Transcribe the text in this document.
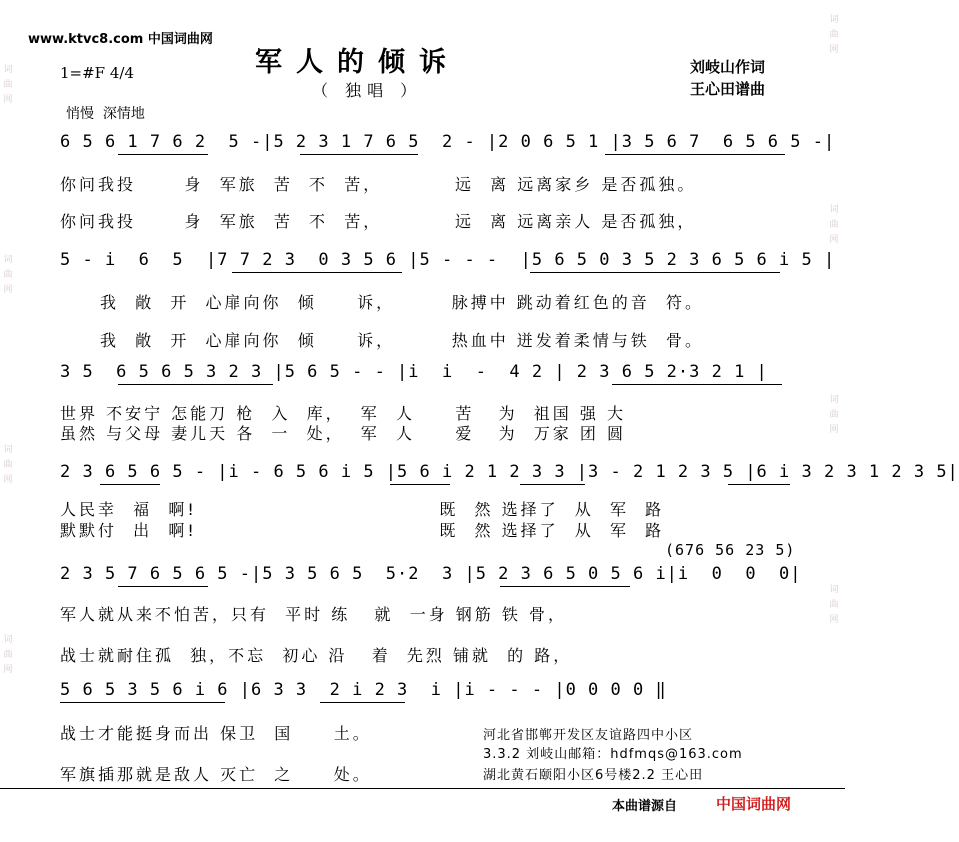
词
曲
网
词
曲
网
词
曲
网
词
曲
网
词
曲
网
词
曲
网
词
曲
网
词
曲
网
www.ktvc8.com 中国词曲网
军人的倾诉
（ 独唱 ）
刘岐山作词
王心田谱曲
1=#F 4/4
悄慢  深情地
6 5 6 1 7 6 2  5 -|5 2 3 1 7 6 5  2 - |2 0 6 5 1 |3 5 6 7  6 5 6 5 -|
你问我投      身  军旅  苦  不  苦，         远  离 远离家乡 是否孤独。
你问我投      身  军旅  苦  不  苦，         远  离 远离亲人 是否孤独，
5 - i  6  5  |7 7 2 3  0 3 5 6 |5 - - -  |5 6 5 0 3 5 2 3 6 5 6 i 5 |
我  敞  开  心扉向你  倾     诉，       脉搏中 跳动着红色的音  符。
我  敞  开  心扉向你  倾     诉，       热血中 迸发着柔情与铁  骨。
3 5  6 5 6 5 3 2 3 |5 6 5 - - |i  i  -  4 2 | 2 3 6 5 2·3 2 1 |
世界 不安宁 怎能刀 枪  入  库，  军  人     苦   为  祖国 强 大
虽然 与父母 妻儿天 各  一  处，  军  人     爱   为  万家 团 圆
2 3 6 5 6 5 - |i - 6 5 6 i 5 |5 6 i 2 1 2 3 3 |3 - 2 1 2 3 5 |6 i 3 2 3 1 2 3 5|
人民幸  福  啊!                              既  然 选择了  从  军  路
默默付  出  啊!                              既  然 选择了  从  军  路
(676 56 23 5)
2 3 5 7 6 5 6 5 -|5 3 5 6 5  5·2  3 |5 2 3 6 5 0 5 6 i|i  0  0  0|
军人就从来不怕苦，只有  平时 练   就  一身 钢筋 铁 骨，
战士就耐住孤  独，不忘  初心 沿   着  先烈 铺就  的 路，
5 6 5 3 5 6 i 6 |6 3 3  2 i 2 3  i |i - - - |0 0 0 0 ‖
战士才能挺身而出 保卫  国     土。
军旗插那就是敌人 灭亡  之     处。
河北省邯郸开发区友谊路四中小区
3.3.2 刘岐山邮箱：hdfmqs@163.com
湖北黄石颐阳小区6号楼2.2 王心田
本曲谱源自	中国词曲网
